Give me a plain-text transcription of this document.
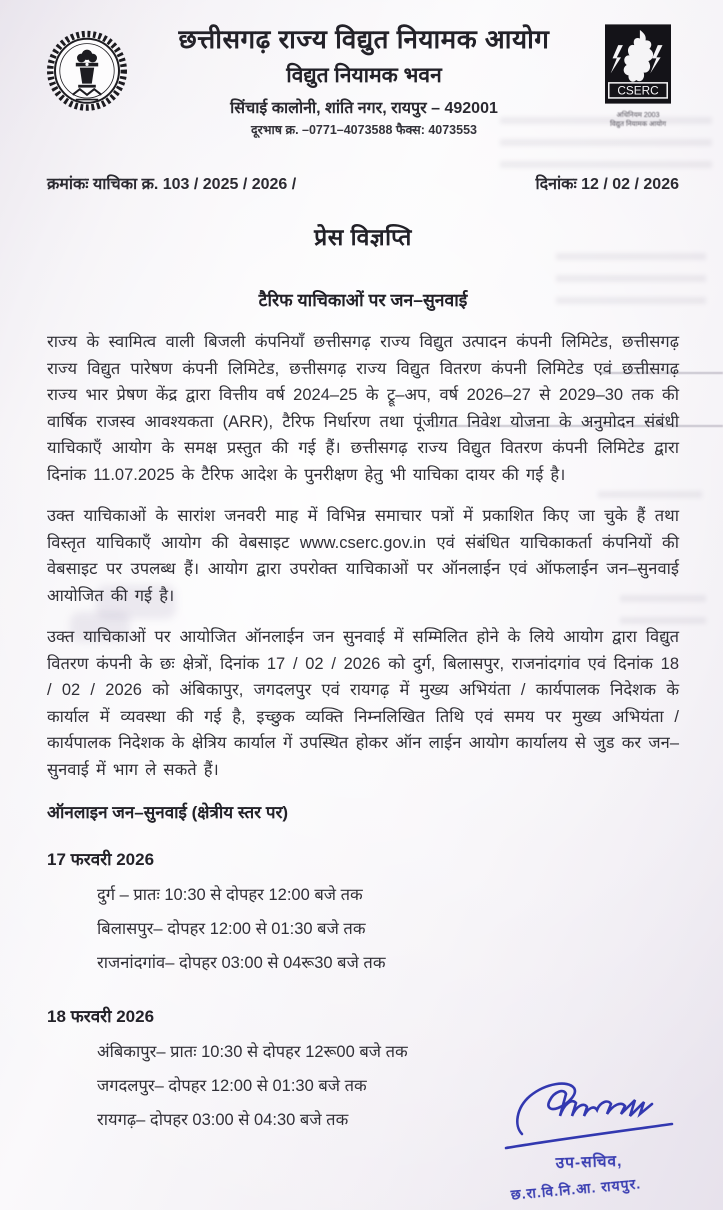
छत्तीसगढ़ राज्य विद्युत नियामक आयोग
विद्युत नियामक भवन
सिंचाई कालोनी, शांति नगर, रायपुर – 492001
दूरभाष क्र. –0771–4073588 फैक्स: 4073553
CSERC
अधिनियम 2003
विद्युत नियामक आयोग
क्रमांकः याचिका क्र. 103 / 2025 / 2026 /	दिनांकः 12 / 02 / 2026
प्रेस विज्ञप्ति
टैरिफ याचिकाओं पर जन–सुनवाई

राज्य के स्वामित्व वाली बिजली कंपनियाँ छत्तीसगढ़ राज्य विद्युत उत्पादन कंपनी लिमिटेड, छत्तीसगढ़ राज्य विद्युत पारेषण कंपनी लिमिटेड, छत्तीसगढ़ राज्य विद्युत वितरण कंपनी लिमिटेड एवं छत्तीसगढ़ राज्य भार प्रेषण केंद्र द्वारा वित्तीय वर्ष 2024–25 के ट्रू–अप, वर्ष 2026–27 से 2029–30 तक की वार्षिक राजस्व आवश्यकता (ARR), टैरिफ निर्धारण तथा पूंजीगत निवेश योजना के अनुमोदन संबंधी याचिकाएँ आयोग के समक्ष प्रस्तुत की गई हैं। छत्तीसगढ़ राज्य विद्युत वितरण कंपनी लिमिटेड द्वारा दिनांक 11.07.2025 के टैरिफ आदेश के पुनरीक्षण हेतु भी याचिका दायर की गई है।

उक्त याचिकाओं के सारांश जनवरी माह में विभिन्न समाचार पत्रों में प्रकाशित किए जा चुके हैं तथा विस्तृत याचिकाएँ आयोग की वेबसाइट www.cserc.gov.in एवं संबंधित याचिकाकर्ता कंपनियों की वेबसाइट पर उपलब्ध हैं। आयोग द्वारा उपरोक्त याचिकाओं पर ऑनलाईन एवं ऑफलाईन जन–सुनवाई आयोजित की गई है।

उक्त याचिकाओं पर आयोजित ऑनलाईन जन सुनवाई में सम्मिलित होने के लिये आयोग द्वारा विद्युत वितरण कंपनी के छः क्षेत्रों, दिनांक 17 / 02 / 2026 को दुर्ग, बिलासपुर, राजनांदगांव एवं दिनांक 18 / 02 / 2026 को अंबिकापुर, जगदलपुर एवं रायगढ़ में मुख्य अभियंता / कार्यपालक निदेशक के कार्याल में व्यवस्था की गई है, इच्छुक व्यक्ति निम्नलिखित तिथि एवं समय पर मुख्य अभियंता / कार्यपालक निदेशक के क्षेत्रिय कार्याल गें उपस्थित होकर ऑन लाईन आयोग कार्यालय से जुड कर जन–सुनवाई में भाग ले सकते हैं।

ऑनलाइन जन–सुनवाई (क्षेत्रीय स्तर पर)
17 फरवरी 2026
दुर्ग – प्रातः 10:30 से दोपहर 12:00 बजे तक
बिलासपुर– दोपहर 12:00 से 01:30 बजे तक
राजनांदगांव– दोपहर 03:00 से 04रू30 बजे तक
18 फरवरी 2026
अंबिकापुर– प्रातः 10:30 से दोपहर 12रू00 बजे तक
जगदलपुर– दोपहर 12:00 से 01:30 बजे तक
रायगढ़– दोपहर 03:00 से 04:30 बजे तक
उप-सचिव,
छ.रा.वि.नि.आ. रायपुर.
